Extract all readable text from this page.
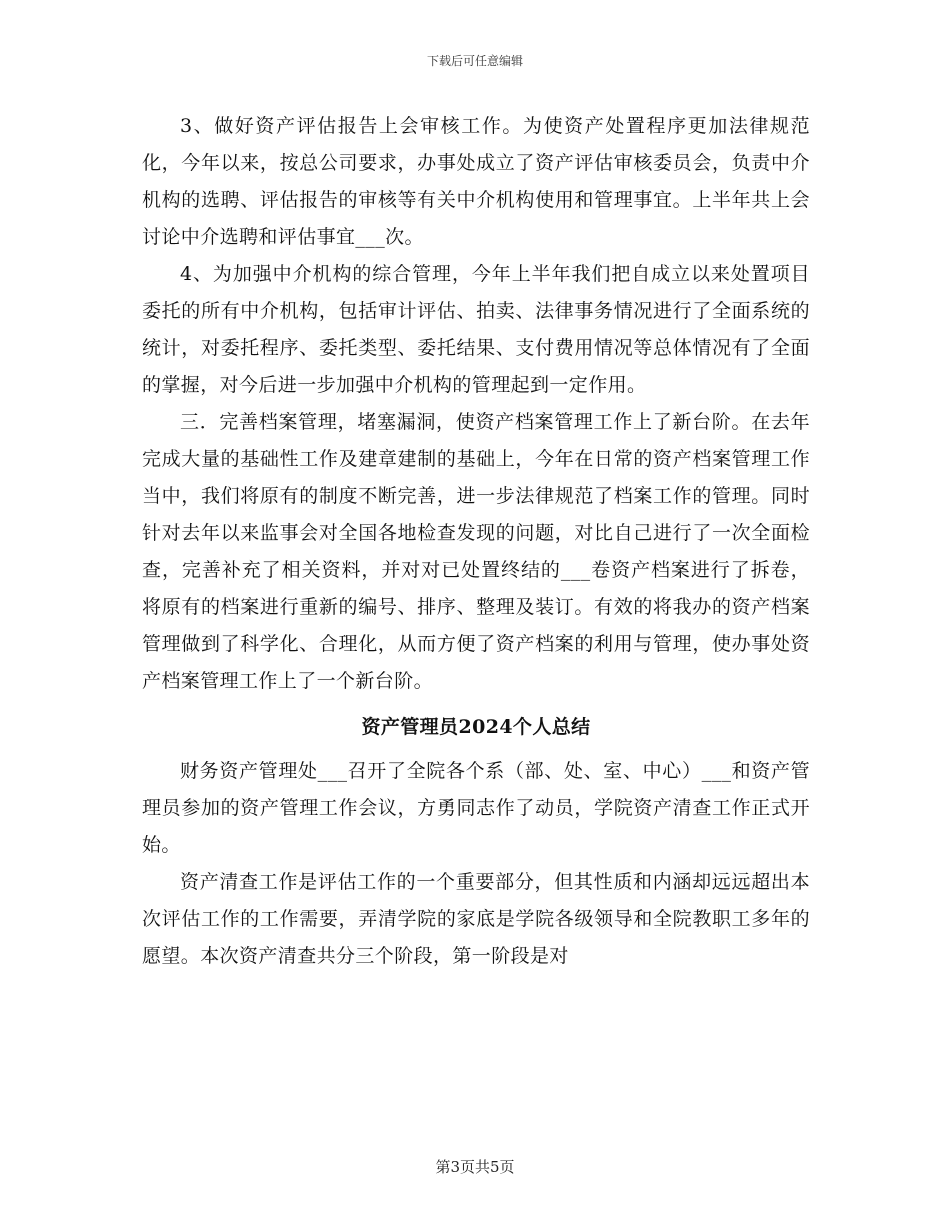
下载后可任意编辑

3、做好资产评估报告上会审核工作。为使资产处置程序更加法律规范化，今年以来，按总公司要求，办事处成立了资产评估审核委员会，负责中介机构的选聘、评估报告的审核等有关中介机构使用和管理事宜。上半年共上会讨论中介选聘和评估事宜___次。

4、为加强中介机构的综合管理，今年上半年我们把自成立以来处置项目委托的所有中介机构，包括审计评估、拍卖、法律事务情况进行了全面系统的统计，对委托程序、委托类型、委托结果、支付费用情况等总体情况有了全面的掌握，对今后进一步加强中介机构的管理起到一定作用。

三．完善档案管理，堵塞漏洞，使资产档案管理工作上了新台阶。在去年完成大量的基础性工作及建章建制的基础上，今年在日常的资产档案管理工作当中，我们将原有的制度不断完善，进一步法律规范了档案工作的管理。同时针对去年以来监事会对全国各地检查发现的问题，对比自己进行了一次全面检查，完善补充了相关资料，并对对已处置终结的___卷资产档案进行了拆卷，将原有的档案进行重新的编号、排序、整理及装订。有效的将我办的资产档案管理做到了科学化、合理化，从而方便了资产档案的利用与管理，使办事处资产档案管理工作上了一个新台阶。

资产管理员2024个人总结

财务资产管理处___召开了全院各个系（部、处、室、中心）___和资产管理员参加的资产管理工作会议，方勇同志作了动员，学院资产清查工作正式开始。

资产清查工作是评估工作的一个重要部分，但其性质和内涵却远远超出本次评估工作的工作需要，弄清学院的家底是学院各级领导和全院教职工多年的愿望。本次资产清查共分三个阶段，第一阶段是对

第3页共5页
